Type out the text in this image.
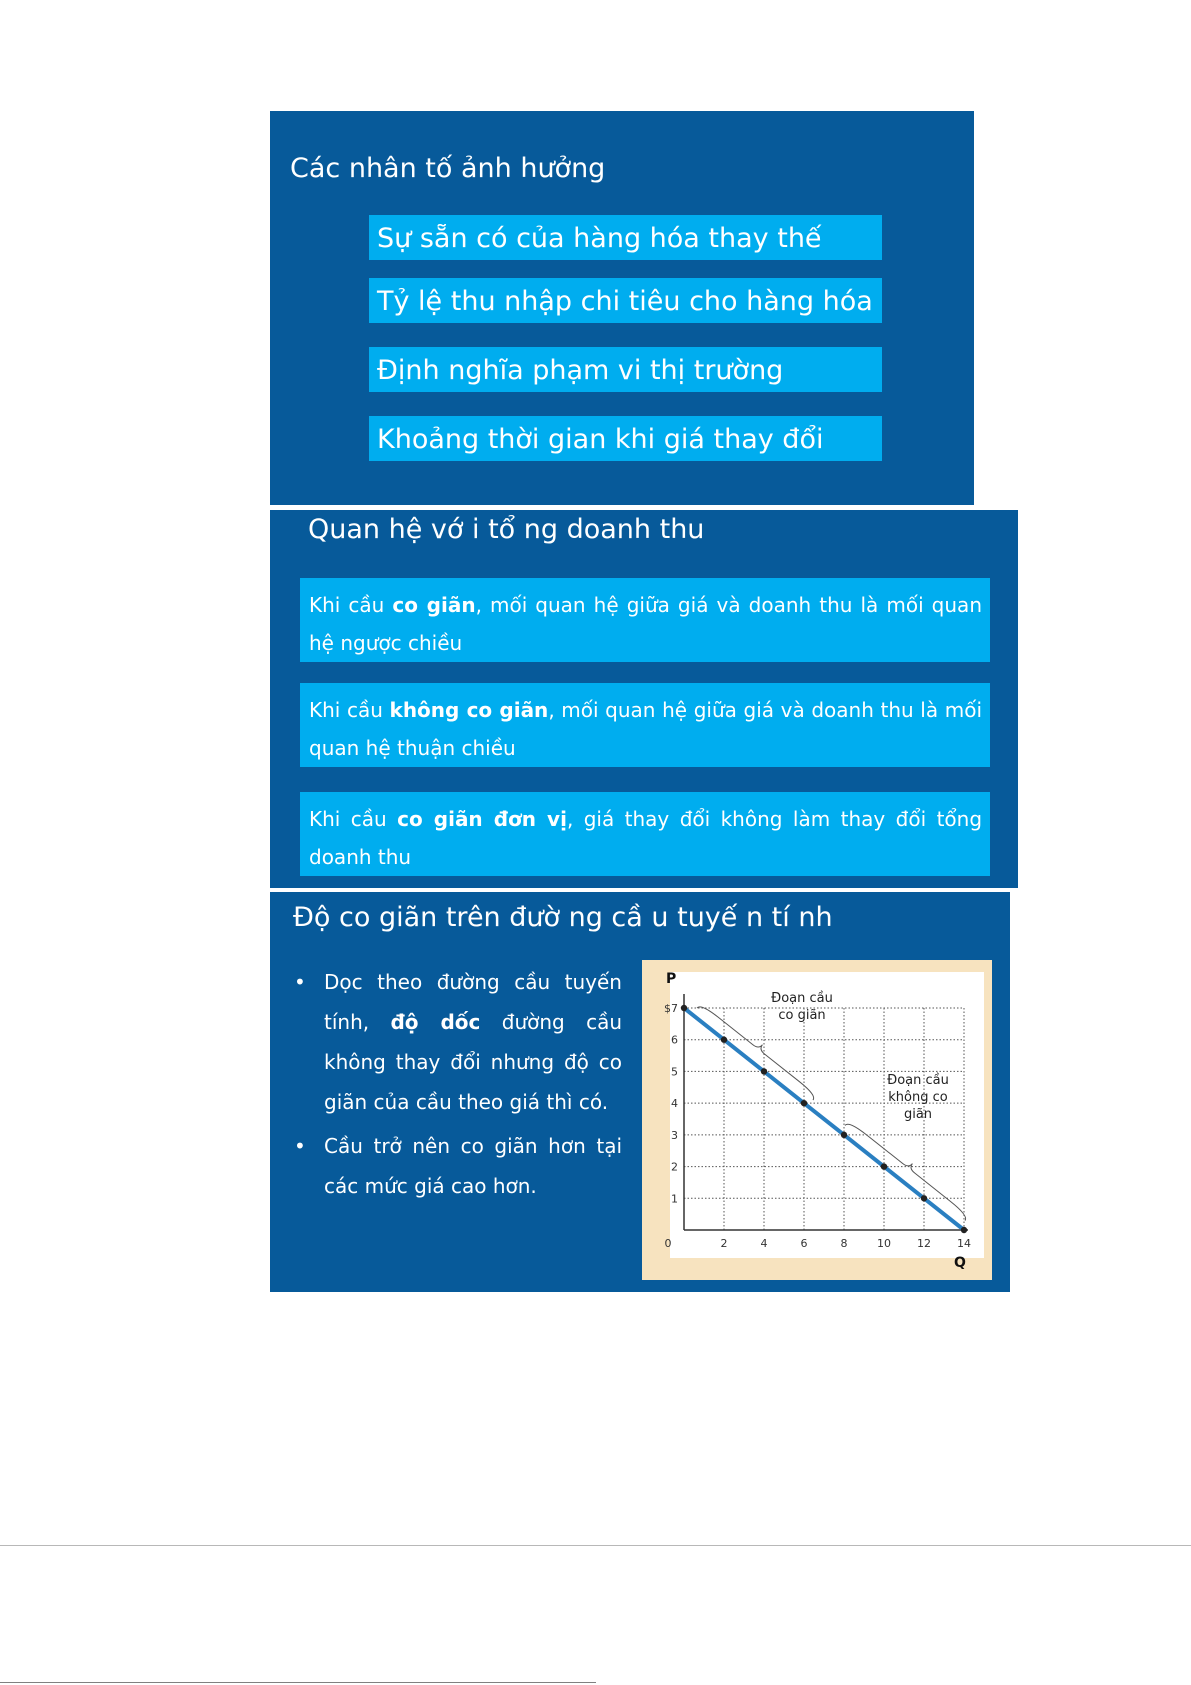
Các nhân tố ảnh hưởng
Sự sẵn có của hàng hóa thay thế
Tỷ lệ thu nhập chi tiêu cho hàng hóa
Định nghĩa phạm vi thị trường
Khoảng thời gian khi giá thay đổi
Quan hệ vớ i tổ ng doanh thu
Khi cầu co giãn, mối quan hệ giữa giá và doanh thu là mối quan hệ ngược chiều
Khi cầu không co giãn, mối quan hệ giữa giá và doanh thu là mối quan hệ thuận chiều
Khi cầu co giãn đơn vị, giá thay đổi không làm thay đổi tổng doanh thu
Độ co giãn trên đườ ng cầ u tuyế n tí nh
• Dọc theo đường cầu tuyến tính, độ dốc đường cầu không thay đổi nhưng độ co giãn của cầu theo giá thì có.
• Cầu trở nên co giãn hơn tại các mức giá cao hơn.
0	2	4	6	8	10 12 14
1
2
3
4
5
6
$7
Đoạn cầu
co giãn
Đoạn cầu
không co
giãn
P
Q
